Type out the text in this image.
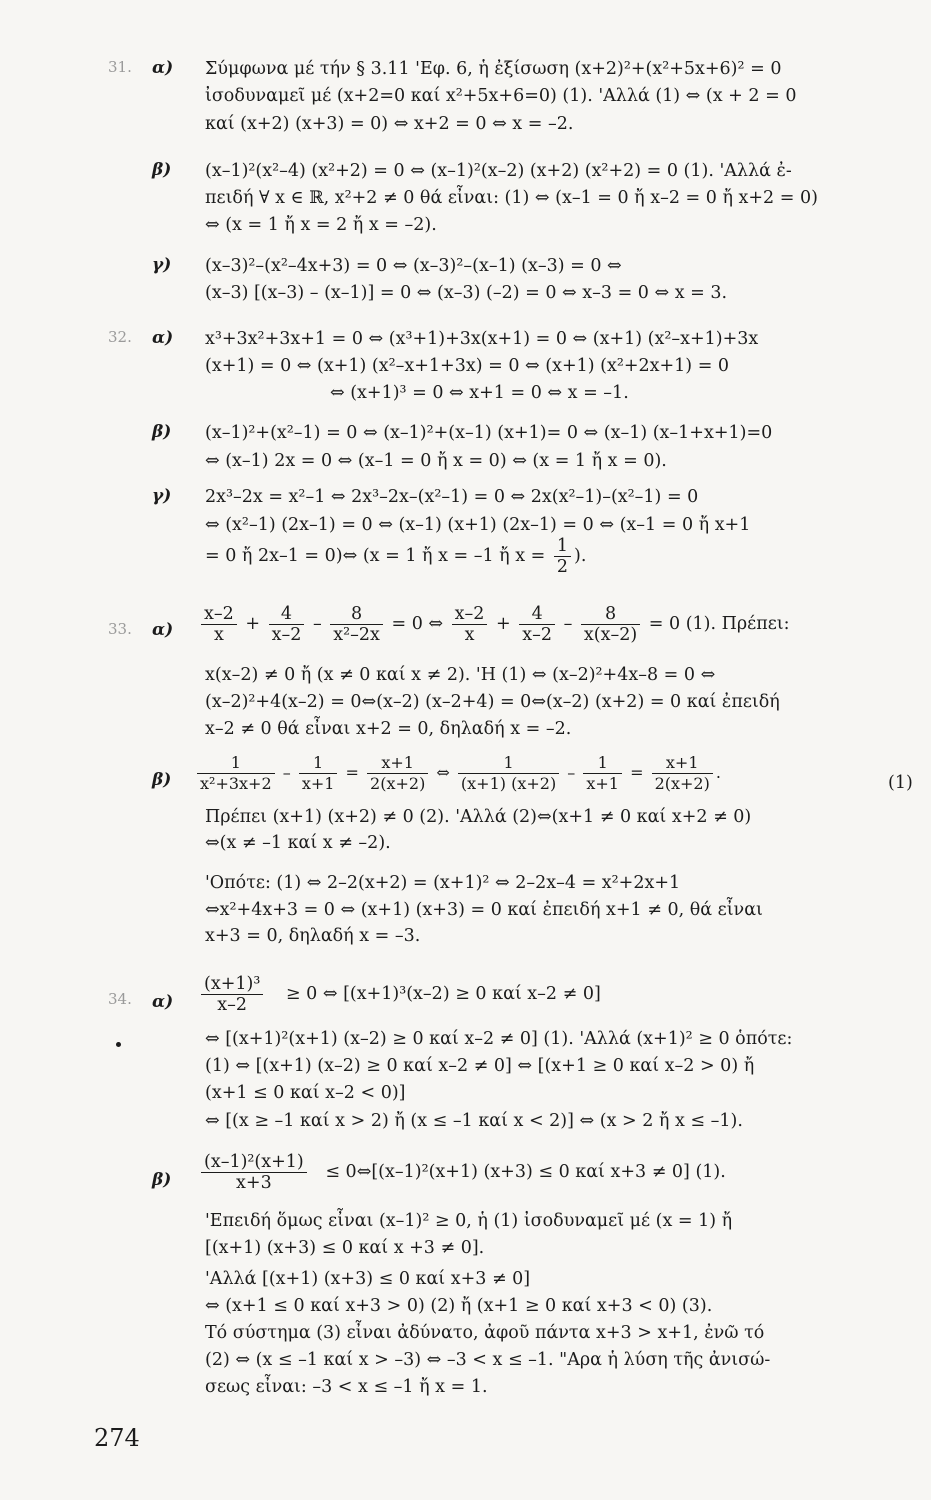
31. α) Σύμφωνα μέ τήν § 3.11 'Εφ. 6, ἡ ἐξίσωση (x+2)²+(x²+5x+6)² = 0
ἰσοδυναμεῖ μέ (x+2=0 καί x²+5x+6=0) (1). 'Αλλά (1) ⇔ (x + 2 = 0
καί (x+2) (x+3) = 0) ⇔ x+2 = 0 ⇔ x = –2.
β) (x–1)²(x²–4) (x²+2) = 0 ⇔ (x–1)²(x–2) (x+2) (x²+2) = 0 (1). 'Αλλά ἐ-
πειδή ∀ x ∈ ℝ, x²+2 ≠ 0 θά εἶναι: (1) ⇔ (x–1 = 0 ἤ x–2 = 0 ἤ x+2 = 0)
⇔ (x = 1 ἤ x = 2 ἤ x = –2).
γ) (x–3)²–(x²–4x+3) = 0 ⇔ (x–3)²–(x–1) (x–3) = 0 ⇔
(x–3) [(x–3) – (x–1)] = 0 ⇔ (x–3) (–2) = 0 ⇔ x–3 = 0 ⇔ x = 3.
32. α) x³+3x²+3x+1 = 0 ⇔ (x³+1)+3x(x+1) = 0 ⇔ (x+1) (x²–x+1)+3x
(x+1) = 0 ⇔ (x+1) (x²–x+1+3x) = 0 ⇔ (x+1) (x²+2x+1) = 0
⇔ (x+1)³ = 0 ⇔ x+1 = 0 ⇔ x = –1.
β) (x–1)²+(x²–1) = 0 ⇔ (x–1)²+(x–1) (x+1)= 0 ⇔ (x–1) (x–1+x+1)=0
⇔ (x–1) 2x = 0 ⇔ (x–1 = 0 ἤ x = 0) ⇔ (x = 1 ἤ x = 0).
γ) 2x³–2x = x²–1 ⇔ 2x³–2x–(x²–1) = 0 ⇔ 2x(x²–1)–(x²–1) = 0
⇔ (x²–1) (2x–1) = 0 ⇔ (x–1) (x+1) (2x–1) = 0 ⇔ (x–1 = 0 ἤ x+1
= 0 ἤ 2x–1 = 0)⇔ (x = 1 ἤ x = –1 ἤ $x = \frac{1}{2}$ ).
33. $\alpha) \frac{x-2}{x} + \frac{4}{x-2} - \frac{8}{\text{x²–2x}} = 0$ ⇔ $\frac{x-2}{x} + \frac{4}{x-2} - \frac{8}{x(x-2)} = 0$ (1). Πρέπει:
x(x–2) ≠ 0 ἤ (x ≠ 0 καί x ≠ 2). 'Η (1) ⇔ (x–2)²+4x–8 = 0 ⇔
(x–2)²+4(x–2) = 0⇔(x–2) (x–2+4) = 0⇔(x–2) (x+2) = 0 καί ἐπειδή
x–2 ≠ 0 θά εἶναι x+2 = 0, δηλαδή x = –2.
$\beta) \frac{1}{\text{x²+3x+2}} - \frac{1}{x+1} = \frac{x+1}{2(x+2)}$ ⇔ $\frac{1}{(x+1) (x+2)} - \frac{1}{x+1} = \frac{x+1}{2(x+2)}$ .
(1)
Πρέπει (x+1) (x+2) ≠ 0 (2). 'Αλλά (2)⇔(x+1 ≠ 0 καί x+2 ≠ 0)
⇔(x ≠ –1 καί x ≠ –2).
'Οπότε: (1) ⇔ 2–2(x+2) = (x+1)² ⇔ 2–2x–4 = x²+2x+1
⇔x²+4x+3 = 0 ⇔ (x+1) (x+3) = 0 καί ἐπειδή x+1 ≠ 0, θά εἶναι
x+3 = 0, δηλαδή x = –3.
34. $\alpha) \frac{\text{(x+1)³}}{x-2} \ge 0$ ⇔ [(x+1)³(x–2) ≥ 0 καί x–2 ≠ 0]
⇔ [(x+1)²(x+1) (x–2) ≥ 0 καί x–2 ≠ 0] (1). 'Αλλά (x+1)² ≥ 0 ὁπότε:
(1) ⇔ [(x+1) (x–2) ≥ 0 καί x–2 ≠ 0] ⇔ [(x+1 ≥ 0 καί x–2 > 0) ἤ
(x+1 ≤ 0 καί x–2 < 0)]
⇔ [(x ≥ –1 καί x > 2) ἤ (x ≤ –1 καί x < 2)] ⇔ (x > 2 ἤ x ≤ –1).
$\beta) \frac{\text{(x–1)²(x+1)}}{x+3}$ ≤ 0⇔[(x–1)²(x+1) (x+3) ≤ 0 καί x+3 ≠ 0] (1).
'Επειδή ὅμως εἶναι (x–1)² ≥ 0, ἡ (1) ἰσοδυναμεῖ μέ (x = 1) ἤ
[(x+1) (x+3) ≤ 0 καί x +3 ≠ 0].
'Αλλά [(x+1) (x+3) ≤ 0 καί x+3 ≠ 0]
⇔ (x+1 ≤ 0 καί x+3 > 0) (2) ἤ (x+1 ≥ 0 καί x+3 < 0) (3).
Τό σύστημα (3) εἶναι ἀδύνατο, ἀφοῦ πάντα x+3 > x+1, ἐνῶ τό
(2) ⇔ (x ≤ –1 καί x > –3) ⇔ –3 < x ≤ –1. "Αρα ἡ λύση τῆς ἀνισώ-
σεως εἶναι: –3 < x ≤ –1 ἤ x = 1.
274
